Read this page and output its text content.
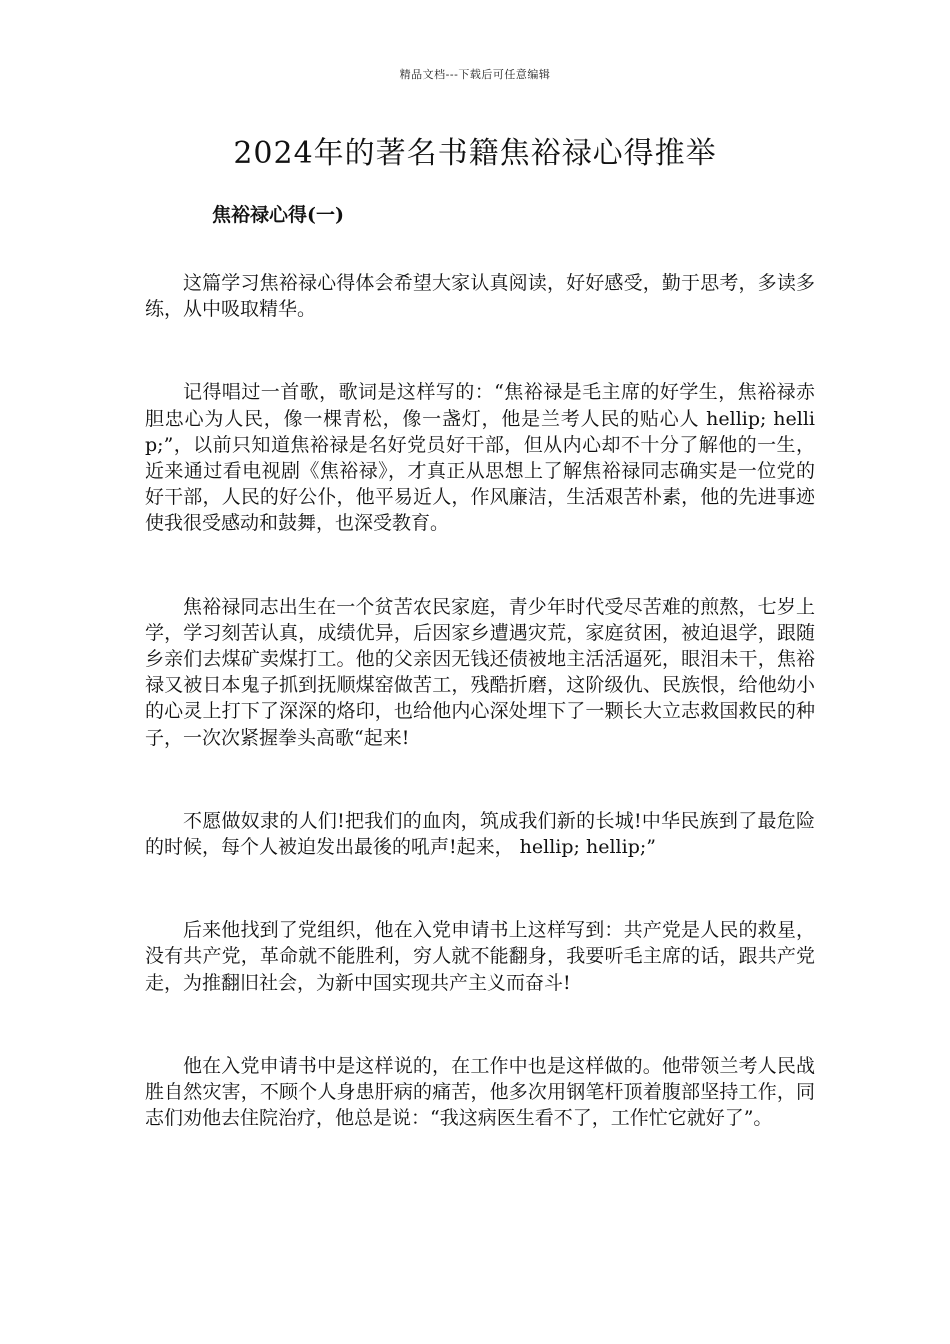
精品文档---下载后可任意编辑
2024年的著名书籍焦裕禄心得推举
焦裕禄心得(一)

这篇学习焦裕禄心得体会希望大家认真阅读，好好感受，勤于思考，多读多练，从中吸取精华。

记得唱过一首歌，歌词是这样写的：“焦裕禄是毛主席的好学生，焦裕禄赤胆忠心为人民，像一棵青松，像一盏灯，他是兰考人民的贴心人 hellip; hellip;”，以前只知道焦裕禄是名好党员好干部，但从内心却不十分了解他的一生，近来通过看电视剧《焦裕禄》，才真正从思想上了解焦裕禄同志确实是一位党的好干部，人民的好公仆，他平易近人，作风廉洁，生活艰苦朴素，他的先进事迹使我很受感动和鼓舞，也深受教育。

焦裕禄同志出生在一个贫苦农民家庭，青少年时代受尽苦难的煎熬，七岁上学，学习刻苦认真，成绩优异，后因家乡遭遇灾荒，家庭贫困，被迫退学，跟随乡亲们去煤矿卖煤打工。他的父亲因无钱还债被地主活活逼死，眼泪未干，焦裕禄又被日本鬼子抓到抚顺煤窑做苦工，残酷折磨，这阶级仇、民族恨，给他幼小的心灵上打下了深深的烙印，也给他内心深处埋下了一颗长大立志救国救民的种子，一次次紧握拳头高歌“起来!

不愿做奴隶的人们!把我们的血肉，筑成我们新的长城!中华民族到了最危险的时候，每个人被迫发出最後的吼声!起来， hellip; hellip;”

后来他找到了党组织，他在入党申请书上这样写到：共产党是人民的救星，没有共产党，革命就不能胜利，穷人就不能翻身，我要听毛主席的话，跟共产党走，为推翻旧社会，为新中国实现共产主义而奋斗!

他在入党申请书中是这样说的，在工作中也是这样做的。他带领兰考人民战胜自然灾害，不顾个人身患肝病的痛苦，他多次用钢笔杆顶着腹部坚持工作，同志们劝他去住院治疗，他总是说：“我这病医生看不了，工作忙它就好了”。
